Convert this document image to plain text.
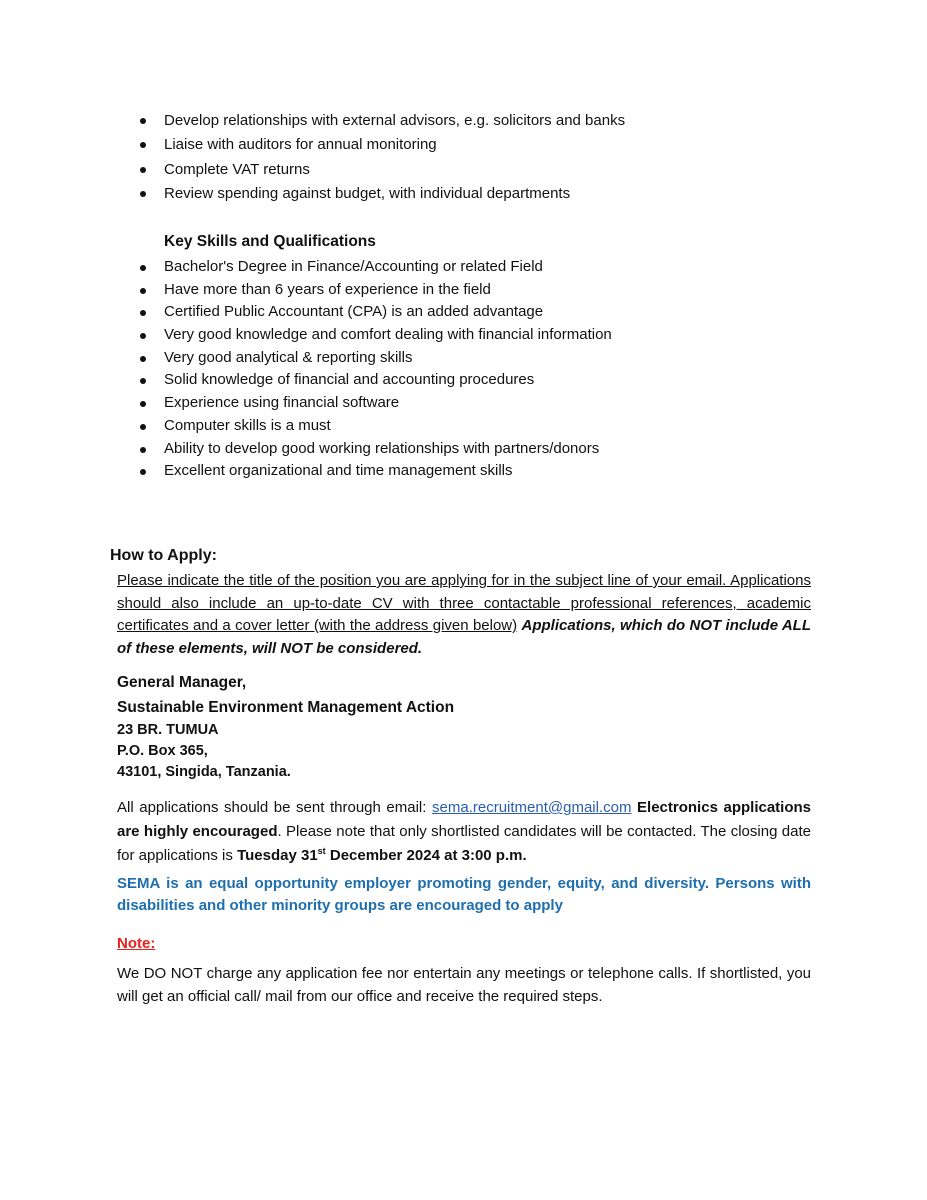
Develop relationships with external advisors, e.g. solicitors and banks
Liaise with auditors for annual monitoring
Complete VAT returns
Review spending against budget, with individual departments
Key Skills and Qualifications
Bachelor's Degree in Finance/Accounting or related Field
Have more than 6 years of experience in the field
Certified Public Accountant (CPA) is an added advantage
Very good knowledge and comfort dealing with financial information
Very good analytical & reporting skills
Solid knowledge of financial and accounting procedures
Experience using financial software
Computer skills is a must
Ability to develop good working relationships with partners/donors
Excellent organizational and time management skills
How to Apply:
Please indicate the title of the position you are applying for in the subject line of your email. Applications should also include an up-to-date CV with three contactable professional references, academic certificates and a cover letter (with the address given below) Applications, which do NOT include ALL of these elements, will NOT be considered.
General Manager,
Sustainable Environment Management Action
23 BR. TUMUA
P.O. Box 365,
43101, Singida, Tanzania.
All applications should be sent through email: sema.recruitment@gmail.com Electronics applications are highly encouraged. Please note that only shortlisted candidates will be contacted. The closing date for applications is Tuesday 31st December 2024 at 3:00 p.m.
SEMA is an equal opportunity employer promoting gender, equity, and diversity. Persons with disabilities and other minority groups are encouraged to apply
Note:
We DO NOT charge any application fee nor entertain any meetings or telephone calls. If shortlisted, you will get an official call/ mail from our office and receive the required steps.
